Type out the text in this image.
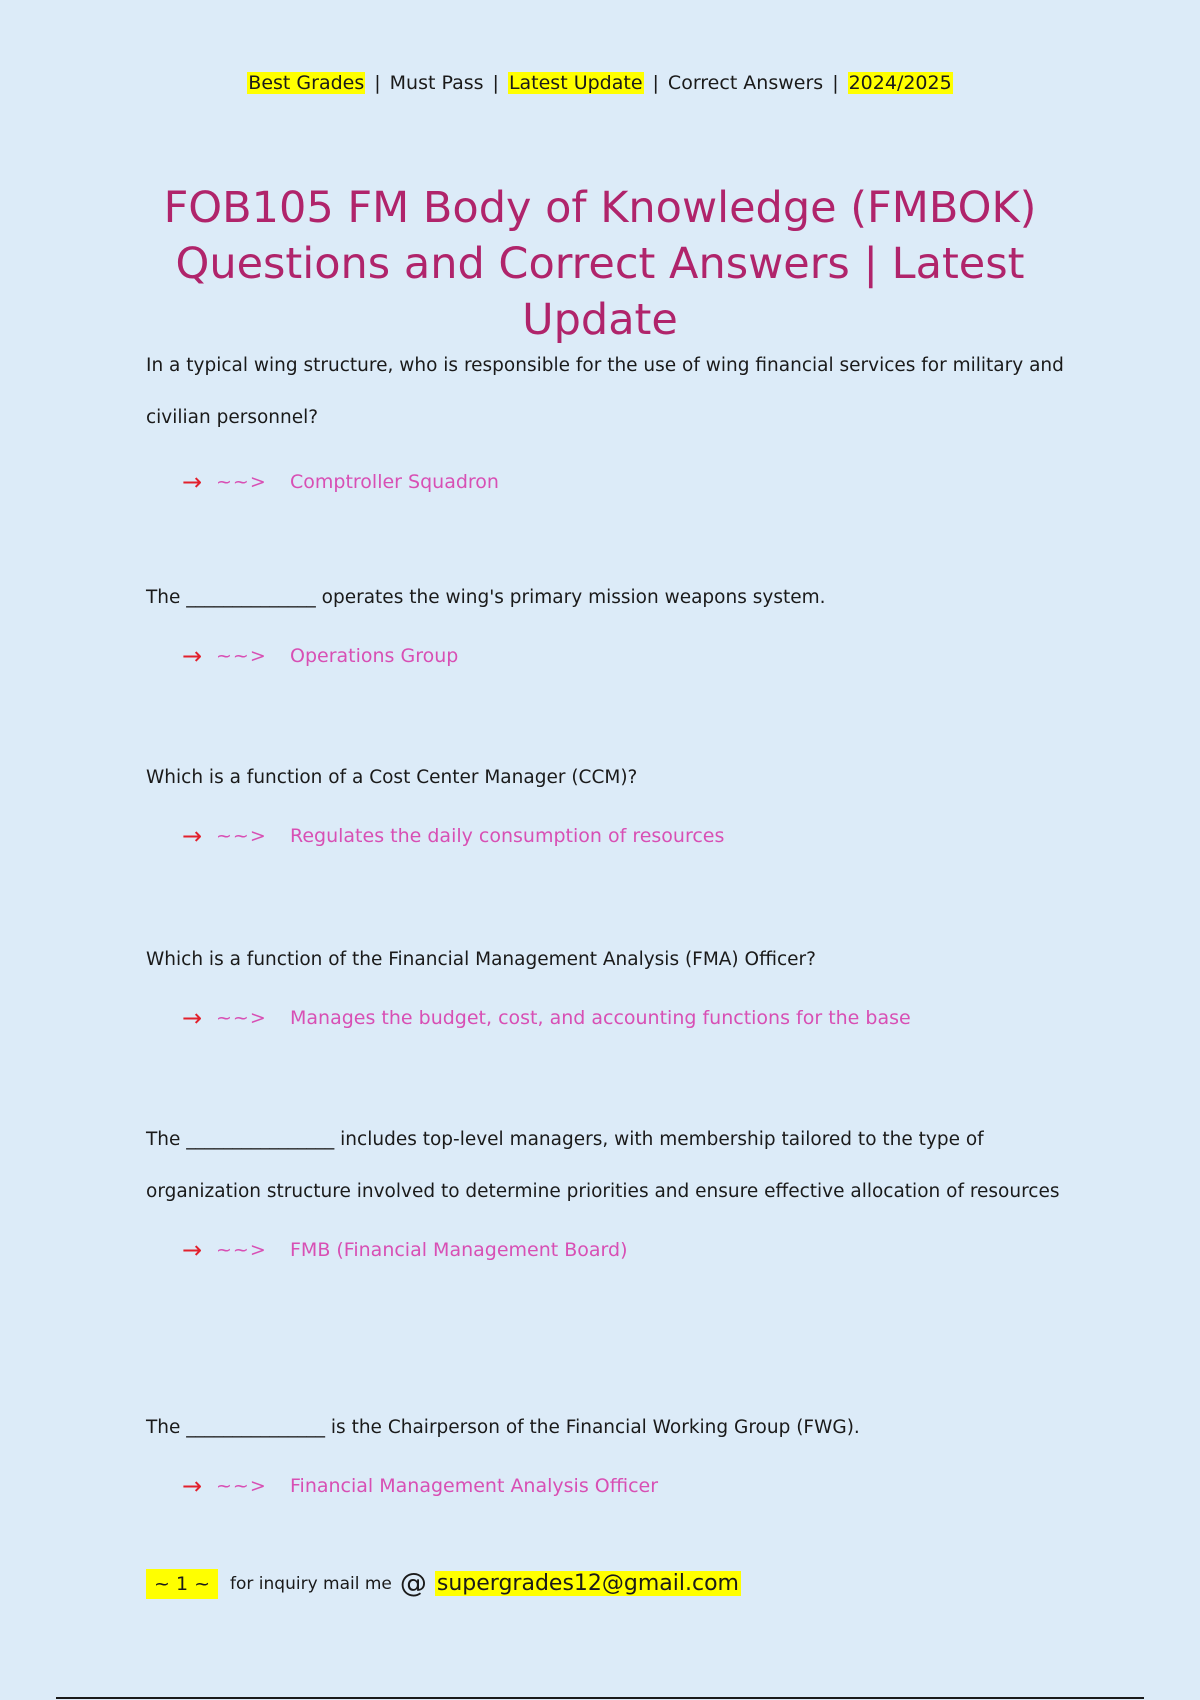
Best Grades | Must Pass | Latest Update | Correct Answers | 2024/2025
FOB105 FM Body of Knowledge (FMBOK) Questions and Correct Answers | Latest Update

In a typical wing structure, who is responsible for the use of wing financial services for military and civilian personnel?

→ ~~>	Comptroller Squadron

The ______________ operates the wing's primary mission weapons system.

→ ~~>	Operations Group

Which is a function of a Cost Center Manager (CCM)?

→ ~~>	Regulates the daily consumption of resources

Which is a function of the Financial Management Analysis (FMA) Officer?

→ ~~>	Manages the budget, cost, and accounting functions for the base

The ________________ includes top-level managers, with membership tailored to the type of organization structure involved to determine priorities and ensure effective allocation of resources

→ ~~>	FMB (Financial Management Board)

The _______________ is the Chairperson of the Financial Working Group (FWG).

→ ~~>	Financial Management Analysis Officer
~ 1 ~	for inquiry mail me @ supergrades12@gmail.com
